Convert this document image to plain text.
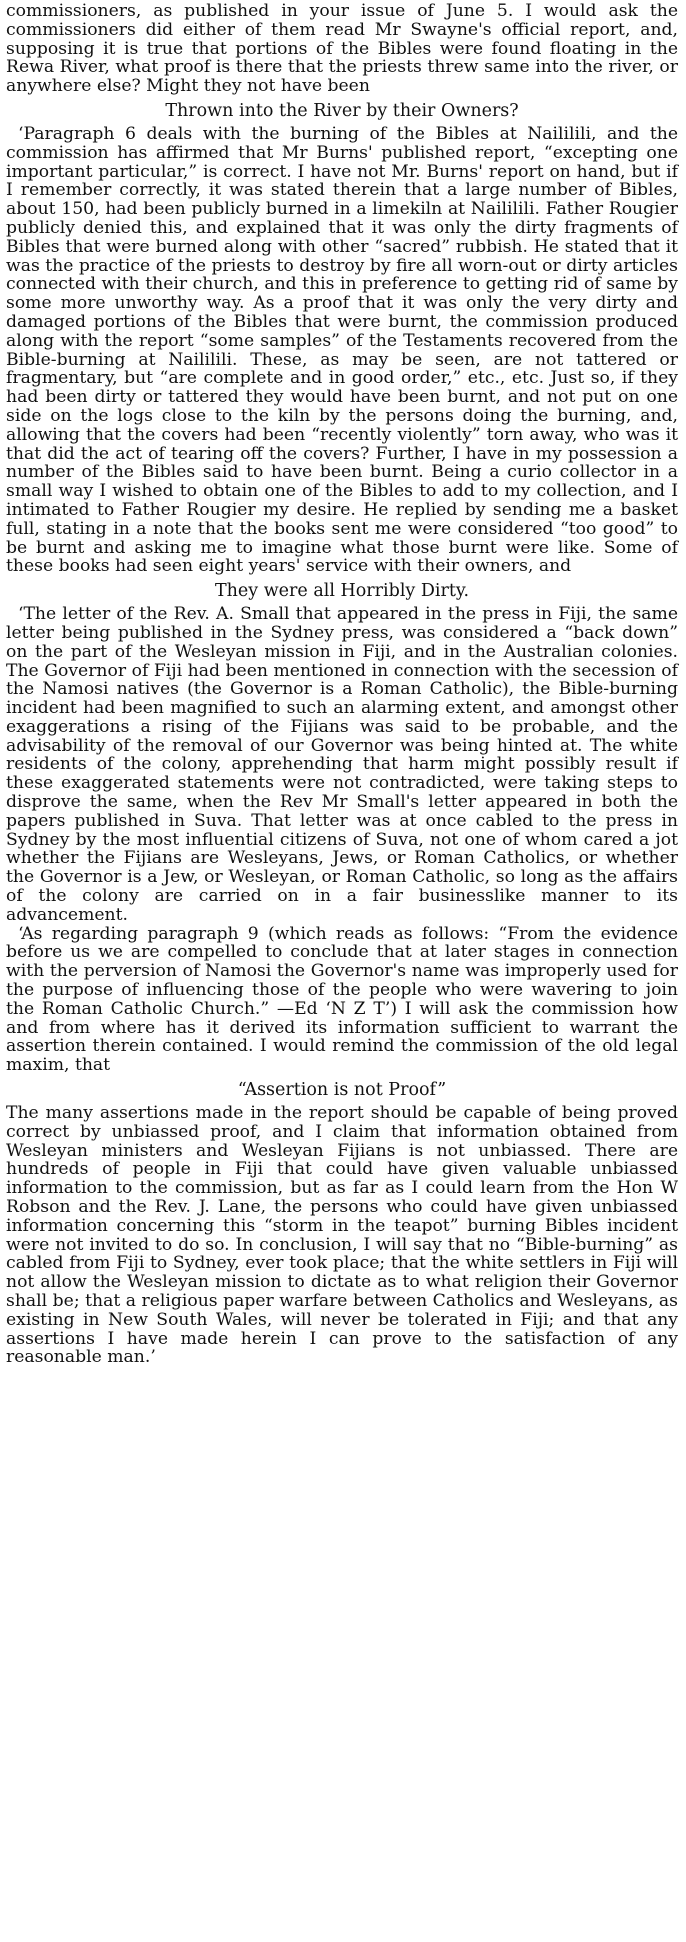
commissioners, as published in your issue of June 5. I would ask the commissioners did either of them read Mr Swayne's official report, and, supposing it is true that portions of the Bibles were found floating in the Rewa River, what proof is there that the priests threw same into the river, or anywhere else? Might they not have been

Thrown into the River by their Owners?

‘Paragraph 6 deals with the burning of the Bibles at Naililili, and the commission has affirmed that Mr Burns' published report, “excepting one important particular,” is correct. I have not Mr. Burns' report on hand, but if I remember correctly, it was stated therein that a large number of Bibles, about 150, had been publicly burned in a limekiln at Naililili. Father Rougier publicly denied this, and explained that it was only the dirty fragments of Bibles that were burned along with other “sacred” rubbish. He stated that it was the practice of the priests to destroy by fire all worn-out or dirty articles connected with their church, and this in preference to getting rid of same by some more unworthy way. As a proof that it was only the very dirty and damaged portions of the Bibles that were burnt, the commission produced along with the report “some samples” of the Testaments recovered from the Bible-burning at Naililili. These, as may be seen, are not tattered or fragmentary, but “are complete and in good order,” etc., etc. Just so, if they had been dirty or tattered they would have been burnt, and not put on one side on the logs close to the kiln by the persons doing the burning, and, allowing that the covers had been “recently violently” torn away, who was it that did the act of tearing off the covers? Further, I have in my possession a number of the Bibles said to have been burnt. Being a curio collector in a small way I wished to obtain one of the Bibles to add to my collection, and I intimated to Father Rougier my desire. He replied by sending me a basket full, stating in a note that the books sent me were considered “too good” to be burnt and asking me to imagine what those burnt were like. Some of these books had seen eight years' service with their owners, and

They were all Horribly Dirty.

‘The letter of the Rev. A. Small that appeared in the press in Fiji, the same letter being published in the Sydney press, was considered a “back down” on the part of the Wesleyan mission in Fiji, and in the Australian colonies. The Governor of Fiji had been mentioned in connection with the secession of the Namosi natives (the Governor is a Roman Catholic), the Bible-burning incident had been magnified to such an alarming extent, and amongst other exaggerations a rising of the Fijians was said to be probable, and the advisability of the removal of our Governor was being hinted at. The white residents of the colony, apprehending that harm might possibly result if these exaggerated statements were not contradicted, were taking steps to disprove the same, when the Rev Mr Small's letter appeared in both the papers published in Suva. That letter was at once cabled to the press in Sydney by the most influential citizens of Suva, not one of whom cared a jot whether the Fijians are Wesleyans, Jews, or Roman Catholics, or whether the Governor is a Jew, or Wesleyan, or Roman Catholic, so long as the affairs of the colony are carried on in a fair businesslike manner to its advancement.

‘As regarding paragraph 9 (which reads as follows: “From the evidence before us we are compelled to conclude that at later stages in connection with the perversion of Namosi the Governor's name was improperly used for the purpose of influencing those of the people who were wavering to join the Roman Catholic Church.” —Ed ‘N Z T’) I will ask the commission how and from where has it derived its information sufficient to warrant the assertion therein contained. I would remind the commission of the old legal maxim, that

“Assertion is not Proof”

The many assertions made in the report should be capable of being proved correct by unbiassed proof, and I claim that information obtained from Wesleyan ministers and Wesleyan Fijians is not unbiassed. There are hundreds of people in Fiji that could have given valuable unbiassed information to the commission, but as far as I could learn from the Hon W Robson and the Rev. J. Lane, the persons who could have given unbiassed information concerning this “storm in the teapot” burning Bibles incident were not invited to do so. In conclusion, I will say that no “Bible-burning” as cabled from Fiji to Sydney, ever took place; that the white settlers in Fiji will not allow the Wesleyan mission to dictate as to what religion their Governor shall be; that a religious paper warfare between Catholics and Wesleyans, as existing in New South Wales, will never be tolerated in Fiji; and that any assertions I have made herein I can prove to the satisfaction of any reasonable man.’
